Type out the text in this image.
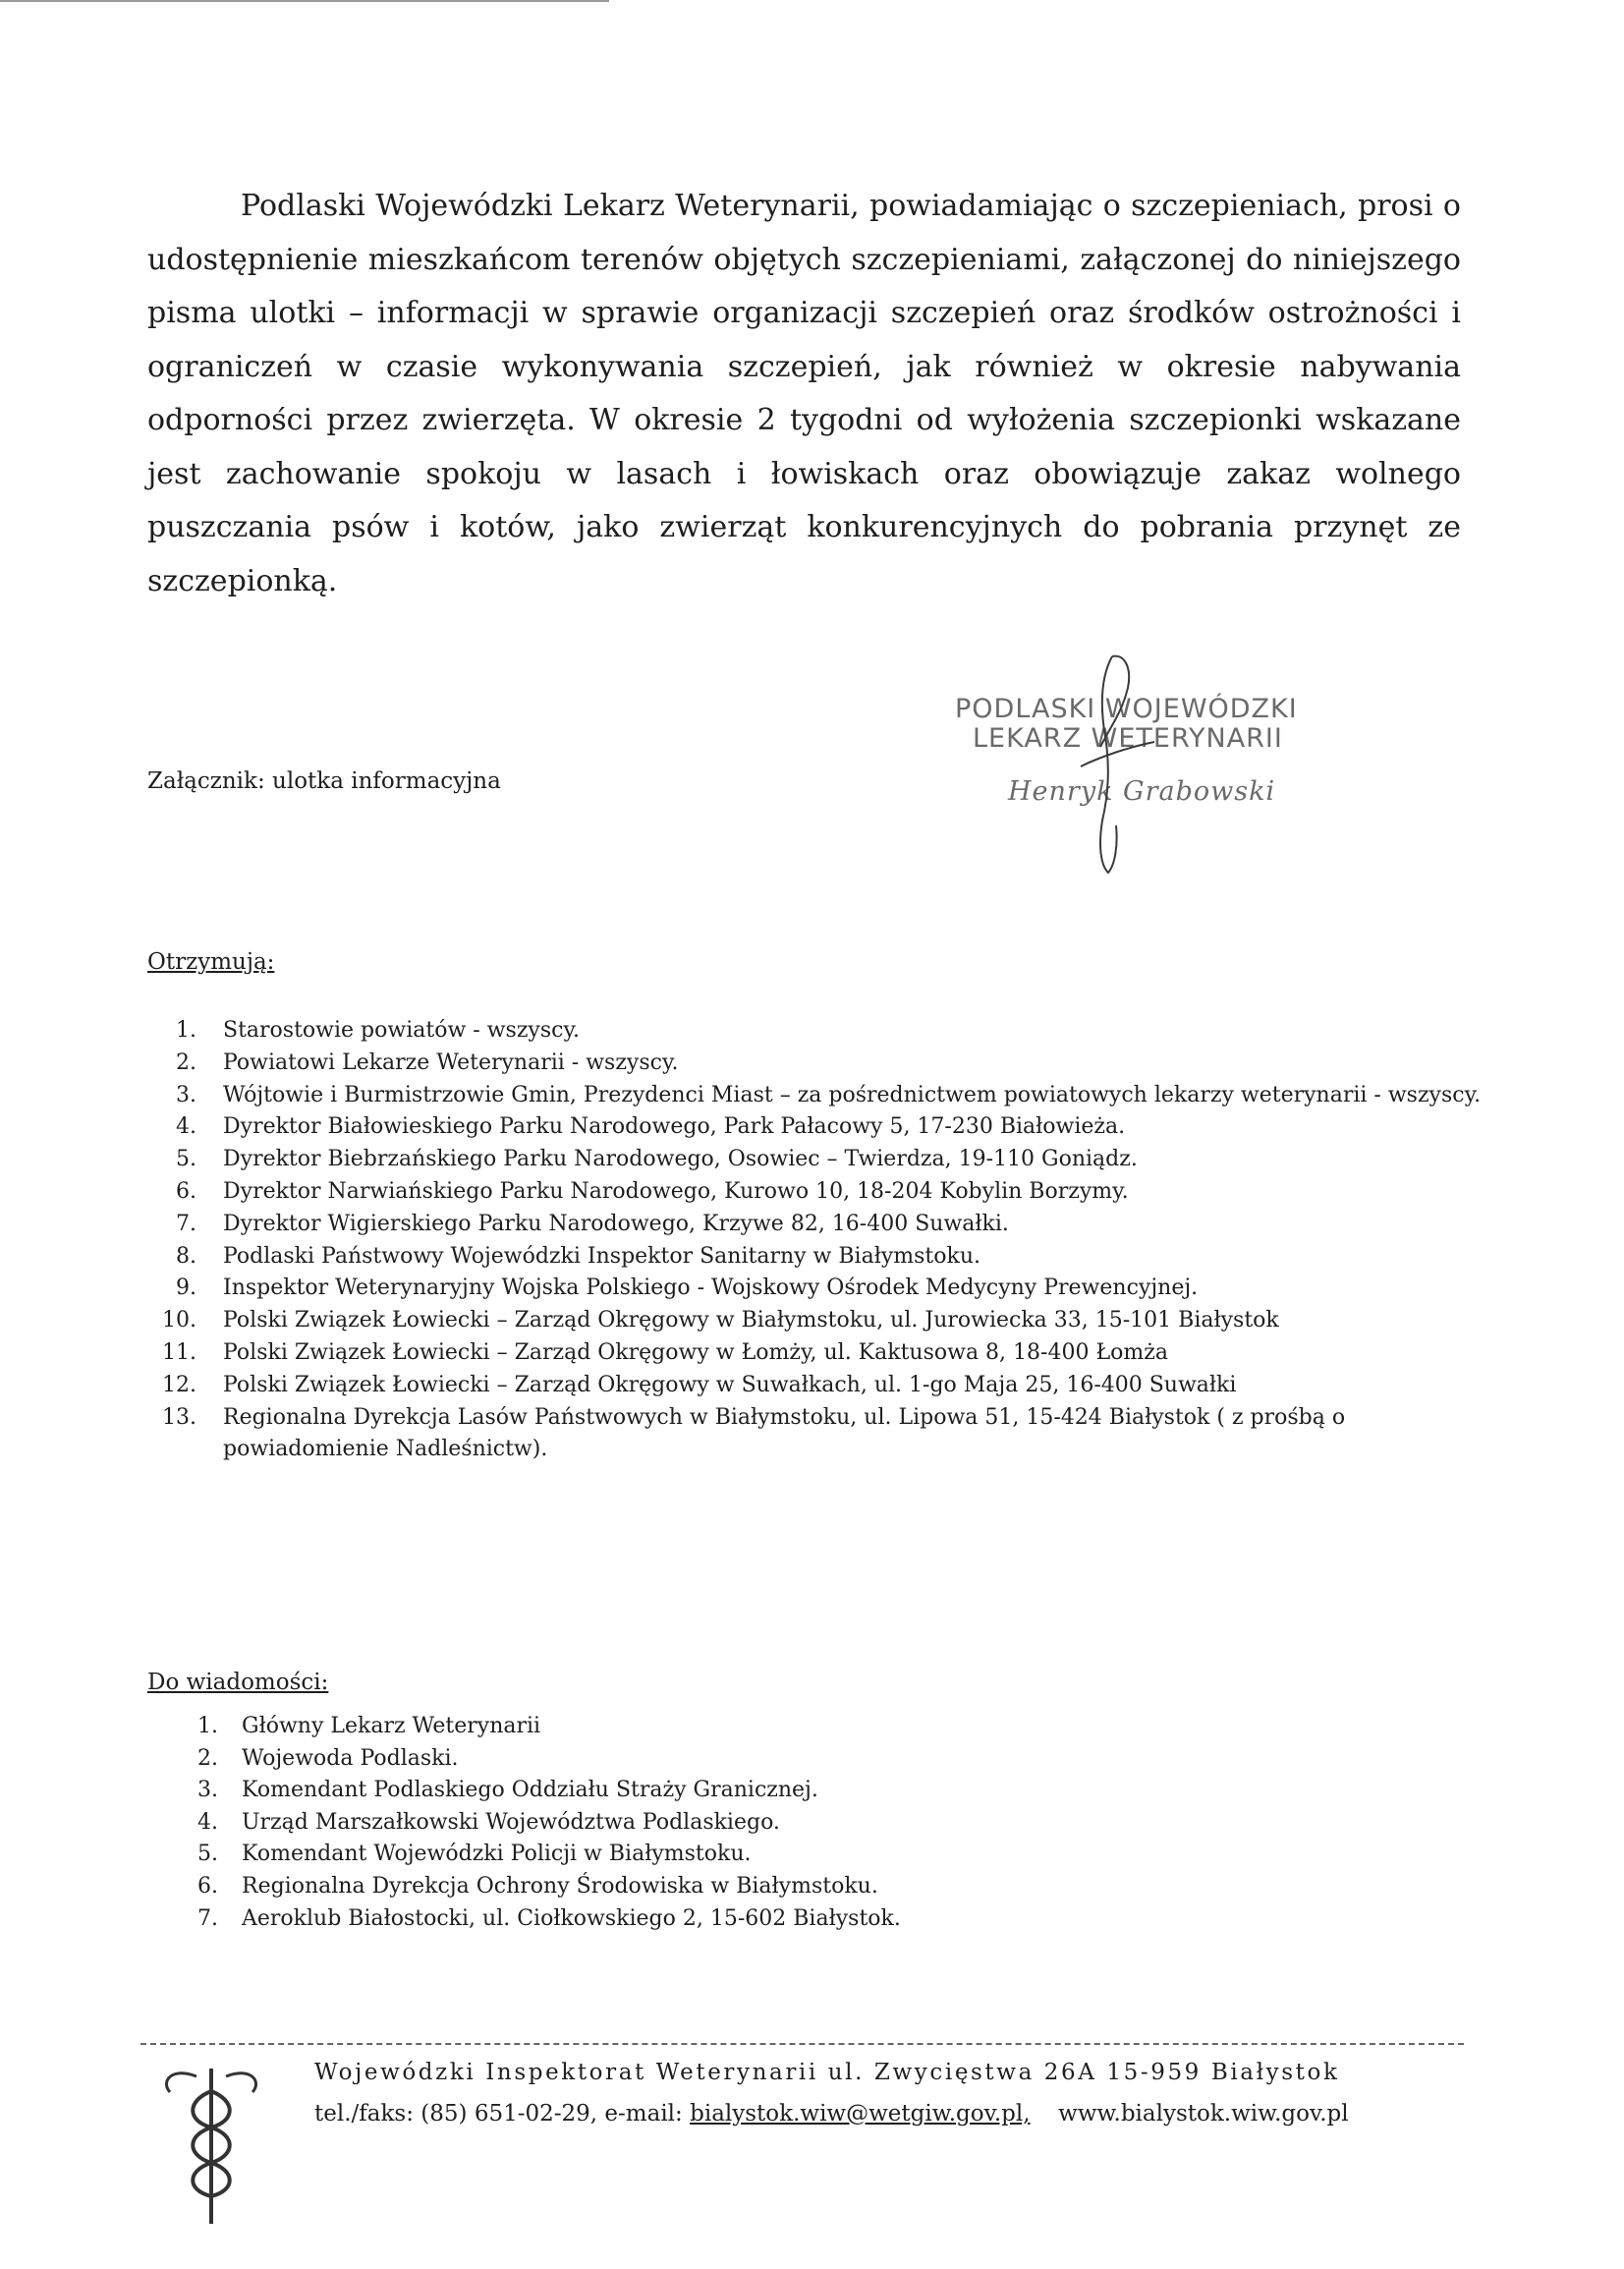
Podlaski Wojewódzki Lekarz Weterynarii, powiadamiając o szczepieniach, prosi o udostępnienie mieszkańcom terenów objętych szczepieniami, załączonej do niniejszego pisma ulotki – informacji w sprawie organizacji szczepień oraz środków ostrożności i ograniczeń w czasie wykonywania szczepień, jak również w okresie nabywania odporności przez zwierzęta. W okresie 2 tygodni od wyłożenia szczepionki wskazane jest zachowanie spokoju w lasach i łowiskach oraz obowiązuje zakaz wolnego puszczania psów i kotów, jako zwierząt konkurencyjnych do pobrania przynęt ze szczepionką.

Załącznik: ulotka informacyjna
PODLASKI WOJEWÓDZKI
LEKARZ WETERYNARII
Henryk Grabowski
Otrzymują:
1. Starostowie powiatów - wszyscy.
2. Powiatowi Lekarze Weterynarii - wszyscy.
3. Wójtowie i Burmistrzowie Gmin, Prezydenci Miast – za pośrednictwem powiatowych lekarzy weterynarii - wszyscy.
4. Dyrektor Białowieskiego Parku Narodowego, Park Pałacowy 5, 17-230 Białowieża.
5. Dyrektor Biebrzańskiego Parku Narodowego, Osowiec – Twierdza, 19-110 Goniądz.
6. Dyrektor Narwiańskiego Parku Narodowego, Kurowo 10, 18-204 Kobylin Borzymy.
7. Dyrektor Wigierskiego Parku Narodowego, Krzywe 82, 16-400 Suwałki.
8. Podlaski Państwowy Wojewódzki Inspektor Sanitarny w Białymstoku.
9. Inspektor Weterynaryjny Wojska Polskiego - Wojskowy Ośrodek Medycyny Prewencyjnej.
10. Polski Związek Łowiecki – Zarząd Okręgowy w Białymstoku, ul. Jurowiecka 33, 15-101 Białystok
11. Polski Związek Łowiecki – Zarząd Okręgowy w Łomży, ul. Kaktusowa 8, 18-400 Łomża
12. Polski Związek Łowiecki – Zarząd Okręgowy w Suwałkach, ul. 1-go Maja 25, 16-400 Suwałki
13. Regionalna Dyrekcja Lasów Państwowych w Białymstoku, ul. Lipowa 51, 15-424 Białystok ( z prośbą o powiadomienie Nadleśnictw).
Do wiadomości:
1. Główny Lekarz Weterynarii
2. Wojewoda Podlaski.
3. Komendant Podlaskiego Oddziału Straży Granicznej.
4. Urząd Marszałkowski Województwa Podlaskiego.
5. Komendant Wojewódzki Policji w Białymstoku.
6. Regionalna Dyrekcja Ochrony Środowiska w Białymstoku.
7. Aeroklub Białostocki, ul. Ciołkowskiego 2, 15-602 Białystok.
Wojewódzki Inspektorat Weterynarii ul. Zwycięstwa 26A 15-959 Białystok
tel./faks: (85) 651-02-29, e-mail: bialystok.wiw@wetgiw.gov.pl, www.bialystok.wiw.gov.pl
